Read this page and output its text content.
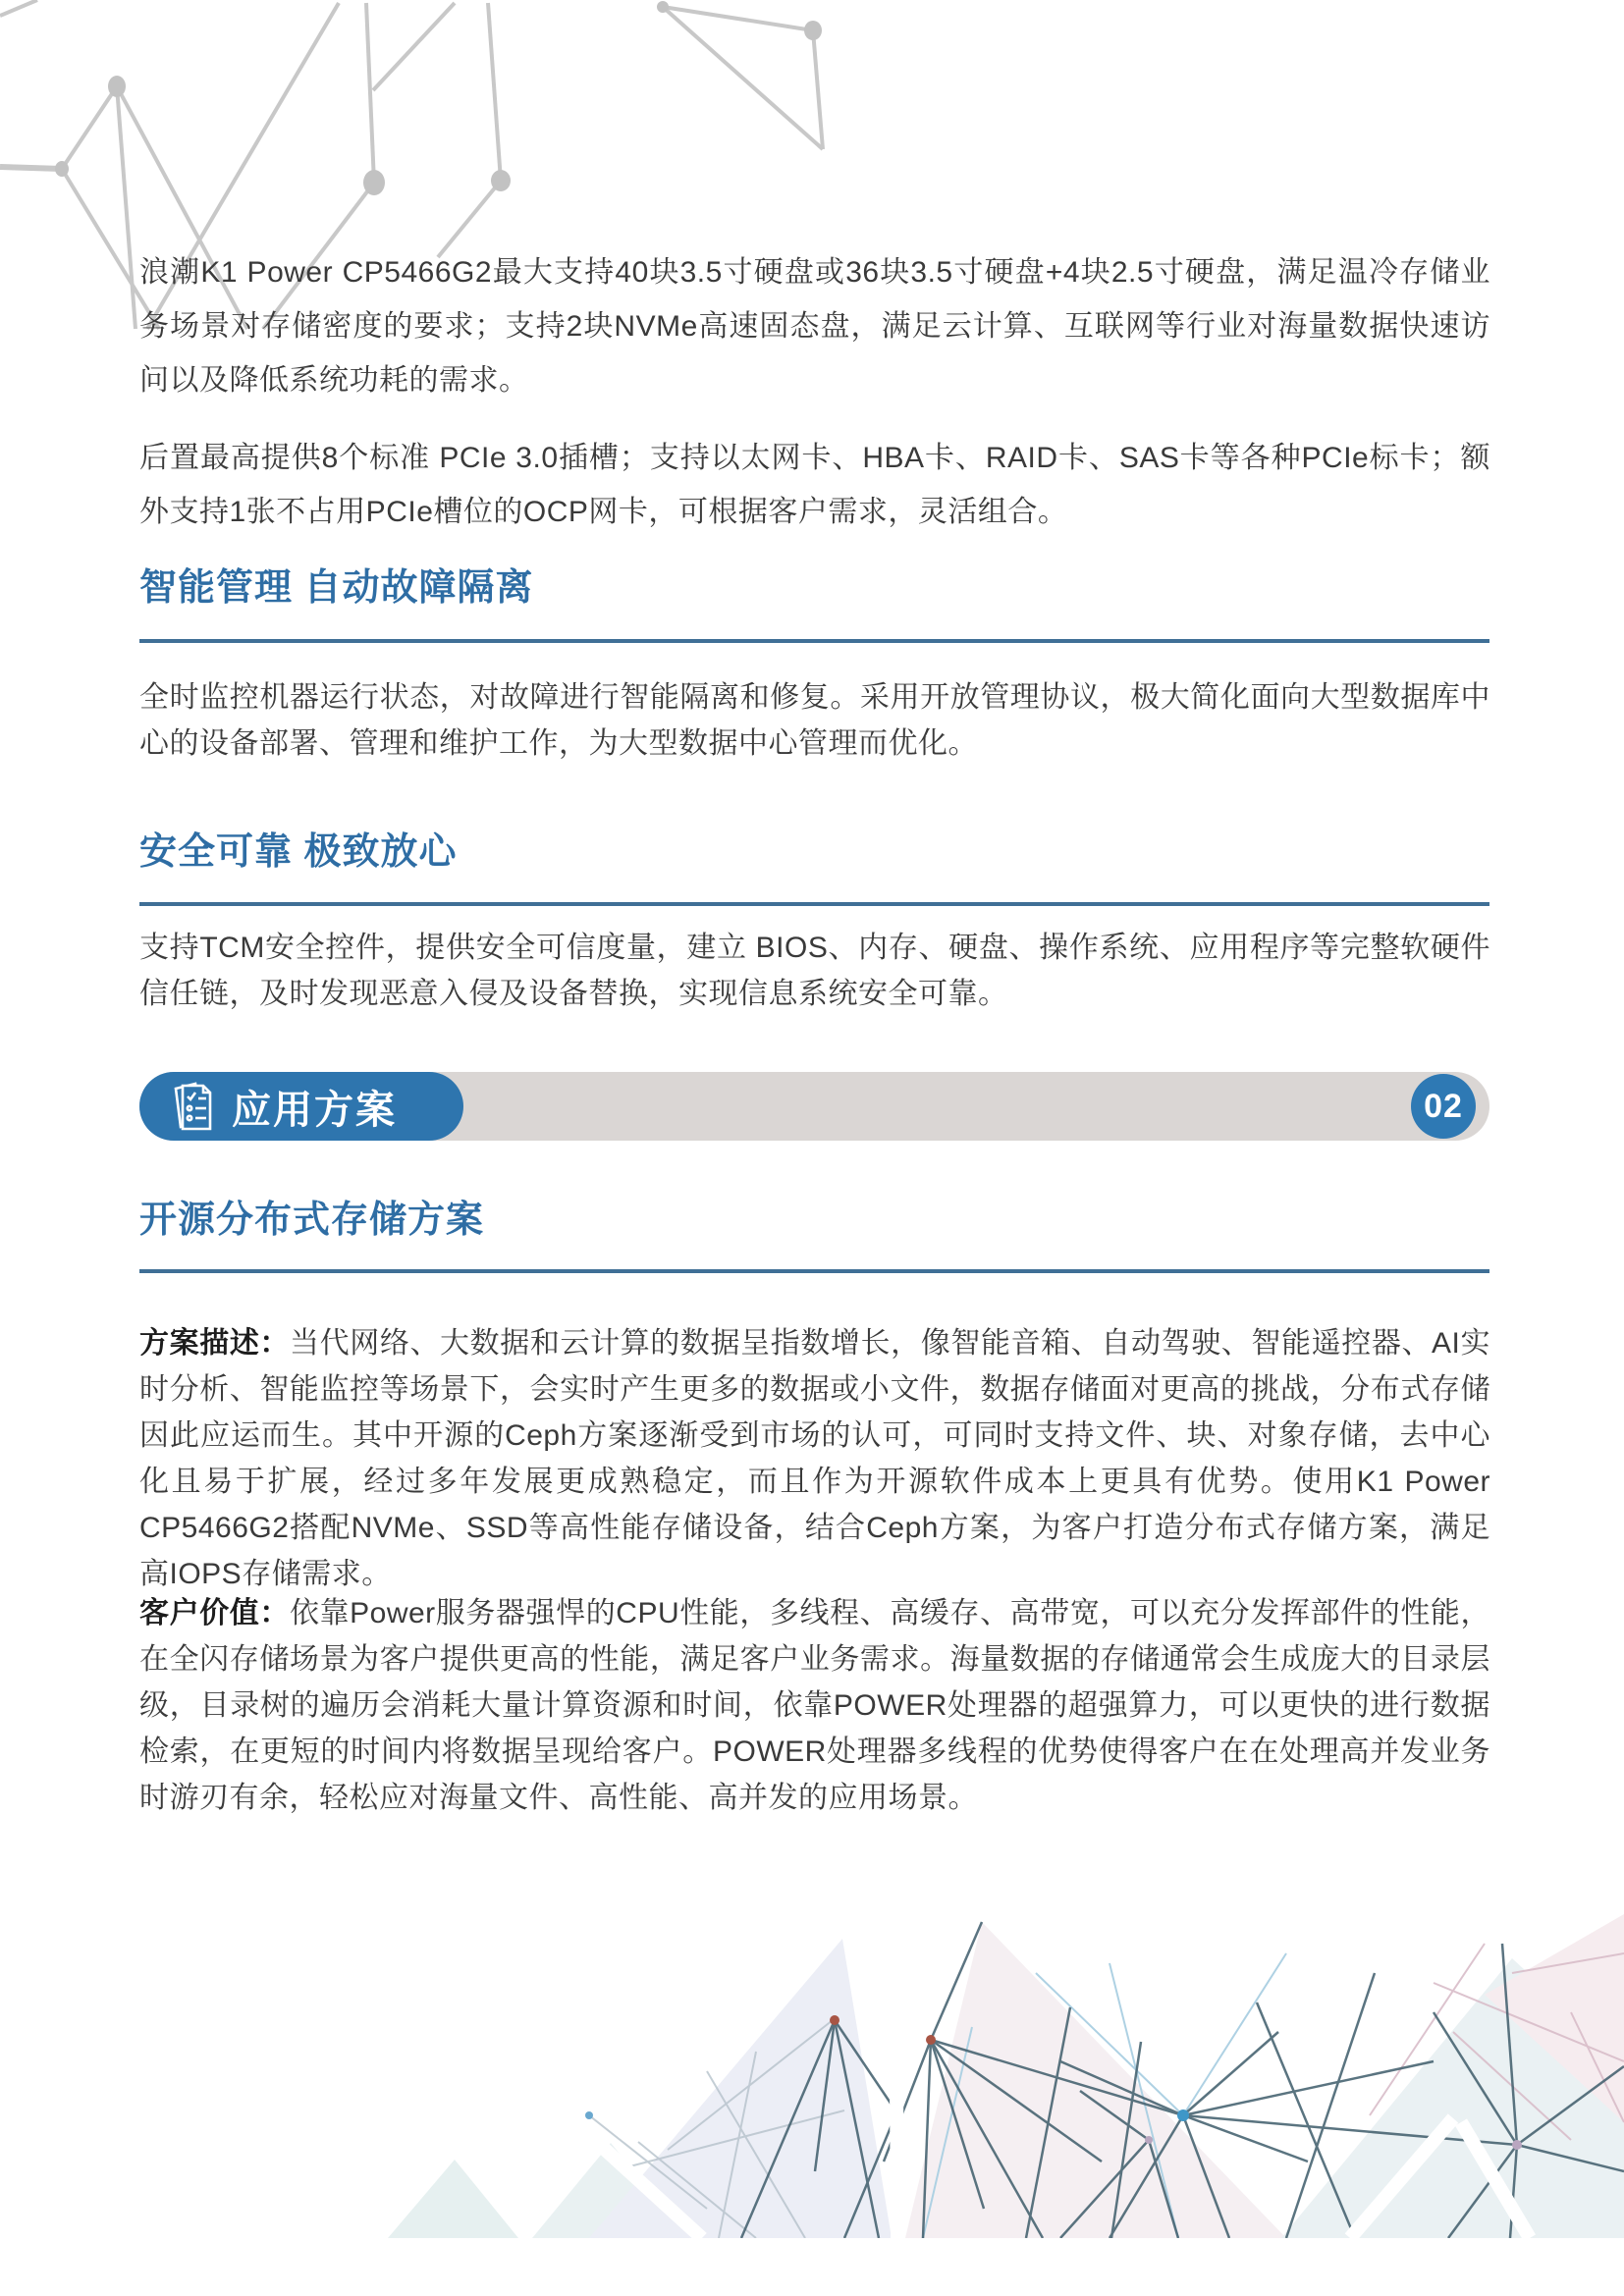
浪潮K1 Power CP5466G2最大支持40块3.5寸硬盘或36块3.5寸硬盘+4块2.5寸硬盘，满足温冷存储业务场景对存储密度的要求；支持2块NVMe高速固态盘，满足云计算、互联网等行业对海量数据快速访问以及降低系统功耗的需求。
后置最高提供8个标准 PCIe 3.0插槽；支持以太网卡、HBA卡、RAID卡、SAS卡等各种PCIe标卡；额外支持1张不占用PCIe槽位的OCP网卡，可根据客户需求，灵活组合。
智能管理 自动故障隔离
全时监控机器运行状态，对故障进行智能隔离和修复。采用开放管理协议，极大简化面向大型数据库中心的设备部署、管理和维护工作，为大型数据中心管理而优化。
安全可靠 极致放心
支持TCM安全控件，提供安全可信度量，建立 BIOS、内存、硬盘、操作系统、应用程序等完整软硬件信任链，及时发现恶意入侵及设备替换，实现信息系统安全可靠。
应用方案	02
开源分布式存储方案
方案描述：当代网络、大数据和云计算的数据呈指数增长，像智能音箱、自动驾驶、智能遥控器、AI实时分析、智能监控等场景下，会实时产生更多的数据或小文件，数据存储面对更高的挑战，分布式存储因此应运而生。其中开源的Ceph方案逐渐受到市场的认可，可同时支持文件、块、对象存储，去中心化且易于扩展，经过多年发展更成熟稳定，而且作为开源软件成本上更具有优势。使用K1 Power CP5466G2搭配NVMe、SSD等高性能存储设备，结合Ceph方案，为客户打造分布式存储方案，满足高IOPS存储需求。
客户价值：依靠Power服务器强悍的CPU性能，多线程、高缓存、高带宽，可以充分发挥部件的性能，在全闪存储场景为客户提供更高的性能，满足客户业务需求。海量数据的存储通常会生成庞大的目录层级，目录树的遍历会消耗大量计算资源和时间，依靠POWER处理器的超强算力，可以更快的进行数据检索，在更短的时间内将数据呈现给客户。POWER处理器多线程的优势使得客户在在处理高并发业务时游刃有余，轻松应对海量文件、高性能、高并发的应用场景。
